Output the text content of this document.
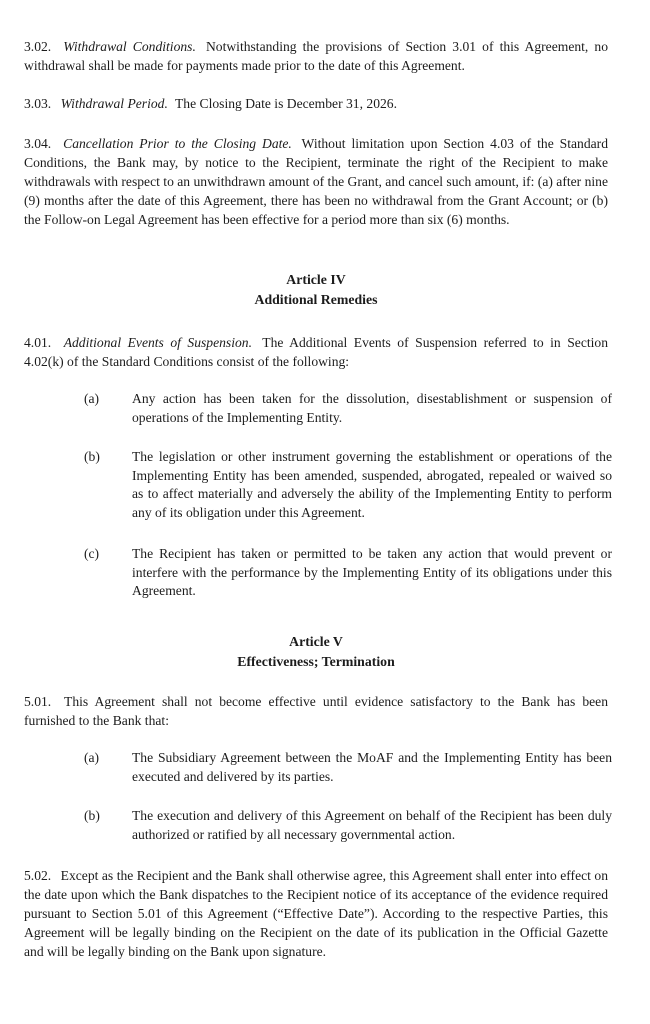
3.02. Withdrawal Conditions. Notwithstanding the provisions of Section 3.01 of this Agreement, no withdrawal shall be made for payments made prior to the date of this Agreement.

3.03. Withdrawal Period. The Closing Date is December 31, 2026.

3.04. Cancellation Prior to the Closing Date. Without limitation upon Section 4.03 of the Standard Conditions, the Bank may, by notice to the Recipient, terminate the right of the Recipient to make withdrawals with respect to an unwithdrawn amount of the Grant, and cancel such amount, if: (a) after nine (9) months after the date of this Agreement, there has been no withdrawal from the Grant Account; or (b) the Follow-on Legal Agreement has been effective for a period more than six (6) months.

Article IV

Additional Remedies

4.01. Additional Events of Suspension. The Additional Events of Suspension referred to in Section 4.02(k) of the Standard Conditions consist of the following:

(a) Any action has been taken for the dissolution, disestablishment or suspension of operations of the Implementing Entity.
(b) The legislation or other instrument governing the establishment or operations of the Implementing Entity has been amended, suspended, abrogated, repealed or waived so as to affect materially and adversely the ability of the Implementing Entity to perform any of its obligation under this Agreement.
(c) The Recipient has taken or permitted to be taken any action that would prevent or interfere with the performance by the Implementing Entity of its obligations under this Agreement.

Article V

Effectiveness; Termination

5.01. This Agreement shall not become effective until evidence satisfactory to the Bank has been furnished to the Bank that:

(a) The Subsidiary Agreement between the MoAF and the Implementing Entity has been executed and delivered by its parties.
(b) The execution and delivery of this Agreement on behalf of the Recipient has been duly authorized or ratified by all necessary governmental action.

5.02. Except as the Recipient and the Bank shall otherwise agree, this Agreement shall enter into effect on the date upon which the Bank dispatches to the Recipient notice of its acceptance of the evidence required pursuant to Section 5.01 of this Agreement (“Effective Date”). According to the respective Parties, this Agreement will be legally binding on the Recipient on the date of its publication in the Official Gazette and will be legally binding on the Bank upon signature.
